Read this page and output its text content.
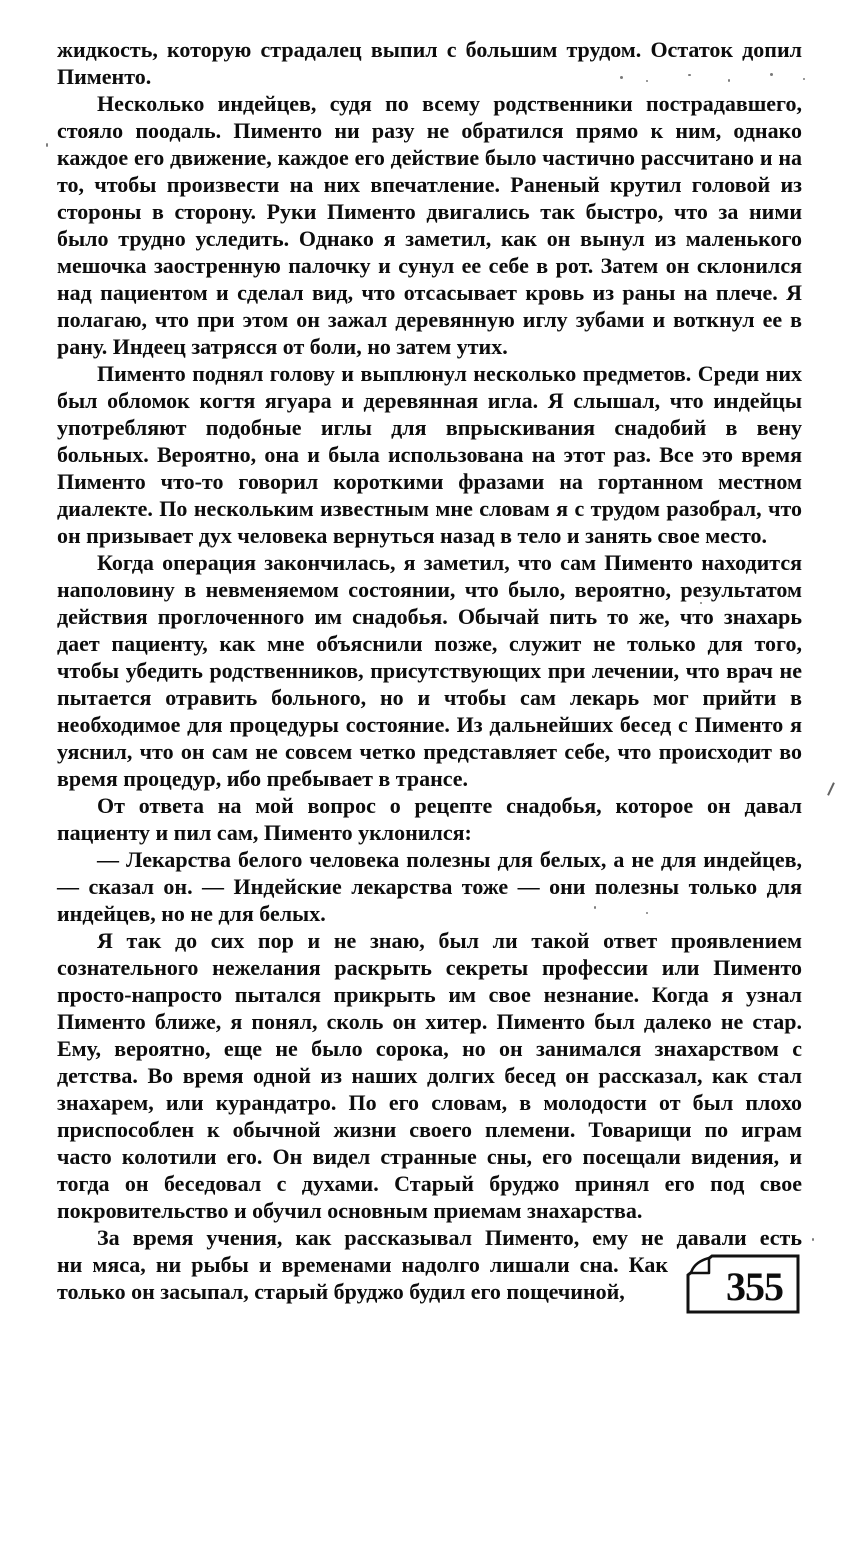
жидкость, которую страдалец выпил с большим трудом. Остаток допил Пименто.

Несколько индейцев, судя по всему родственники пострадавшего, стояло поодаль. Пименто ни разу не обратился прямо к ним, однако каждое его движение, каждое его действие было частично рассчитано и на то, чтобы произвести на них впечатление. Раненый крутил головой из стороны в сторону. Руки Пименто двигались так быстро, что за ними было трудно уследить. Однако я заметил, как он вынул из маленького мешочка заостренную палочку и сунул ее себе в рот. Затем он склонился над пациентом и сделал вид, что отсасывает кровь из раны на плече. Я полагаю, что при этом он зажал деревянную иглу зубами и воткнул ее в рану. Индеец затрясся от боли, но затем утих.

Пименто поднял голову и выплюнул несколько предметов. Среди них был обломок когтя ягуара и деревянная игла. Я слышал, что индейцы употребляют подобные иглы для впрыскивания снадобий в вену больных. Вероятно, она и была использована на этот раз. Все это время Пименто что-то говорил короткими фразами на гортанном местном диалекте. По нескольким известным мне словам я с трудом разобрал, что он призывает дух человека вернуться назад в тело и занять свое место.

Когда операция закончилась, я заметил, что сам Пименто находится наполовину в невменяемом состоянии, что было, вероятно, результатом действия проглоченного им снадобья. Обычай пить то же, что знахарь дает пациенту, как мне объяснили позже, служит не только для того, чтобы убедить родственников, присутствующих при лечении, что врач не пытается отравить больного, но и чтобы сам лекарь мог прийти в необходимое для процедуры состояние. Из дальнейших бесед с Пименто я уяснил, что он сам не совсем четко представляет себе, что происходит во время процедур, ибо пребывает в трансе.

От ответа на мой вопрос о рецепте снадобья, которое он давал пациенту и пил сам, Пименто уклонился:

— Лекарства белого человека полезны для белых, а не для индейцев, — сказал он. — Индейские лекарства тоже — они полезны только для индейцев, но не для белых.

Я так до сих пор и не знаю, был ли такой ответ проявлением сознательного нежелания раскрыть секреты профессии или Пименто просто-напросто пытался прикрыть им свое незнание. Когда я узнал Пименто ближе, я понял, сколь он хитер. Пименто был далеко не стар. Ему, вероятно, еще не было сорока, но он занимался знахарством с детства. Во время одной из наших долгих бесед он рассказал, как стал знахарем, или курандатро. По его словам, в молодости от был плохо приспособлен к обычной жизни своего племени. Товарищи по играм часто колотили его. Он видел странные сны, его посещали видения, и тогда он беседовал с духами. Старый бруджо принял его под свое покровительство и обучил основным приемам знахарства.

За время учения, как рассказывал Пименто, ему не давали есть

355
ни мяса, ни рыбы и временами надолго лишали сна. Как только он засыпал, старый бруджо будил его пощечиной,
